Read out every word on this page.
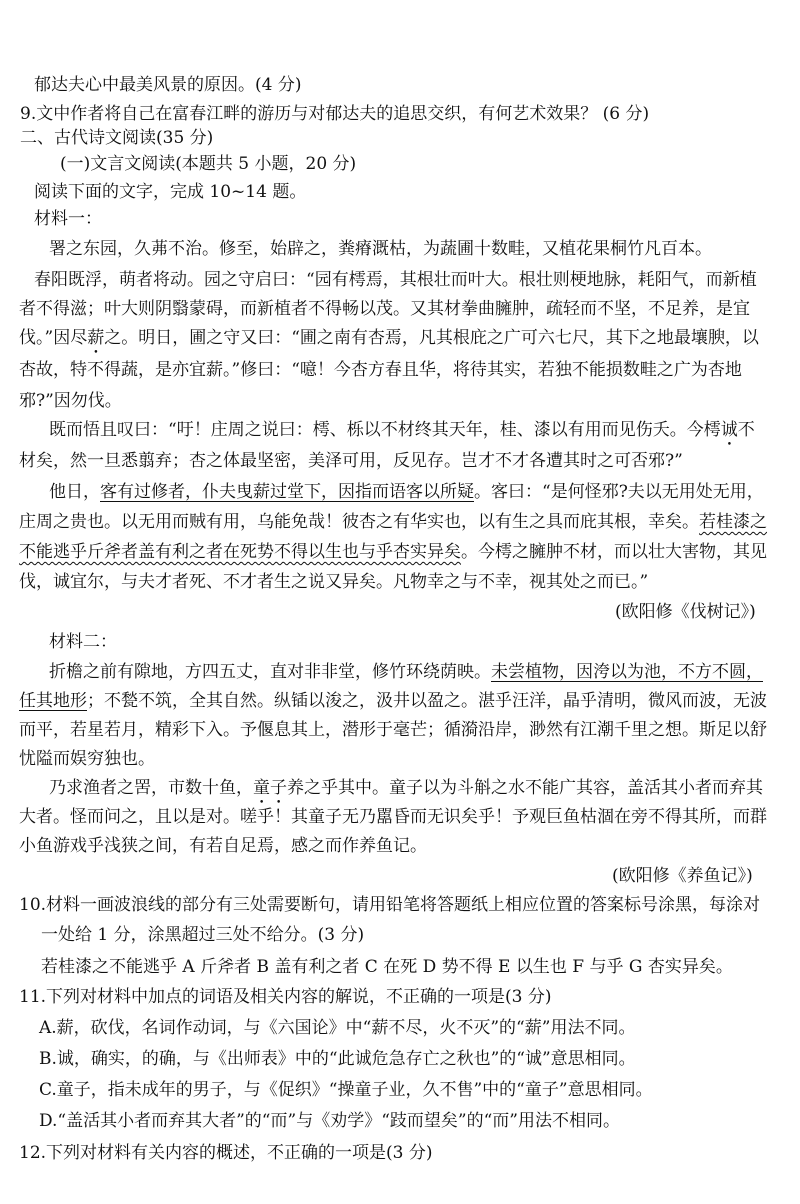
郁达夫心中最美风景的原因。(4 分)
9.文中作者将自己在富春江畔的游历与对郁达夫的追思交织，有何艺术效果？ (6 分)
二、古代诗文阅读(35 分)
(一)文言文阅读(本题共 5 小题，20 分)
阅读下面的文字，完成 10~14 题。
材料一：
署之东园，久茀不治。修至，始辟之，粪瘠溉枯，为蔬圃十数畦，又植花果桐竹凡百本。
春阳既浮，萌者将动。园之守启曰：“园有樗焉，其根壮而叶大。根壮则梗地脉，耗阳气，而新植
者不得滋；叶大则阴翳蒙碍，而新植者不得畅以茂。又其材拳曲臃肿，疏轻而不坚，不足养，是宜
伐。”因尽薪之。明日，圃之守又曰：“圃之南有杏焉，凡其根庇之广可六七尺，其下之地最壤腴，以
杏故，特不得蔬，是亦宜薪。”修曰：“噫！今杏方春且华，将待其实，若独不能损数畦之广为杏地
邪?”因勿伐。
既而悟且叹曰：“吁！庄周之说曰：樗、栎以不材终其天年，桂、漆以有用而见伤夭。今樗诚不
材矣，然一旦悉翦弃；杏之体最坚密，美泽可用，反见存。岂才不才各遭其时之可否邪?”
他日，客有过修者，仆夫曳薪过堂下，因指而语客以所疑。客曰：“是何怪邪?夫以无用处无用，
庄周之贵也。以无用而贼有用，乌能免哉！彼杏之有华实也，以有生之具而庇其根，幸矣。若桂漆之
不能逃乎斤斧者盖有利之者在死势不得以生也与乎杏实异矣。今樗之臃肿不材，而以壮大害物，其见
伐，诚宜尔，与夫才者死、不才者生之说又异矣。凡物幸之与不幸，视其处之而已。”
(欧阳修《伐树记》)
材料二：
折檐之前有隙地，方四五丈，直对非非堂，修竹环绕荫映。未尝植物，因洿以为池，不方不圆，
任其地形；不甃不筑，全其自然。纵锸以浚之，汲井以盈之。湛乎汪洋，晶乎清明，微风而波，无波
而平，若星若月，精彩下入。予偃息其上，潜形于毫芒；循漪沿岸，渺然有江潮千里之想。斯足以舒
忧隘而娱穷独也。
乃求渔者之罟，市数十鱼，童子养之乎其中。童子以为斗斛之水不能广其容，盖活其小者而弃其
大者。怪而问之，且以是对。嗟乎！其童子无乃嚚昏而无识矣乎！予观巨鱼枯涸在旁不得其所，而群
小鱼游戏乎浅狭之间，有若自足焉，感之而作养鱼记。
(欧阳修《养鱼记》)
10.材料一画波浪线的部分有三处需要断句，请用铅笔将答题纸上相应位置的答案标号涂黑，每涂对
一处给 1 分，涂黑超过三处不给分。(3 分)
若桂漆之不能逃乎 A 斤斧者 B 盖有利之者 C 在死 D 势不得 E 以生也 F 与乎 G 杏实异矣。
11.下列对材料中加点的词语及相关内容的解说，不正确的一项是(3 分)
A.薪，砍伐，名词作动词，与《六国论》中“薪不尽，火不灭”的“薪”用法不同。
B.诚，确实，的确，与《出师表》中的“此诚危急存亡之秋也”的“诚”意思相同。
C.童子，指未成年的男子，与《促织》“操童子业，久不售”中的“童子”意思相同。
D.“盖活其小者而弃其大者”的“而”与《劝学》“跂而望矣”的“而”用法不相同。
12.下列对材料有关内容的概述，不正确的一项是(3 分)
